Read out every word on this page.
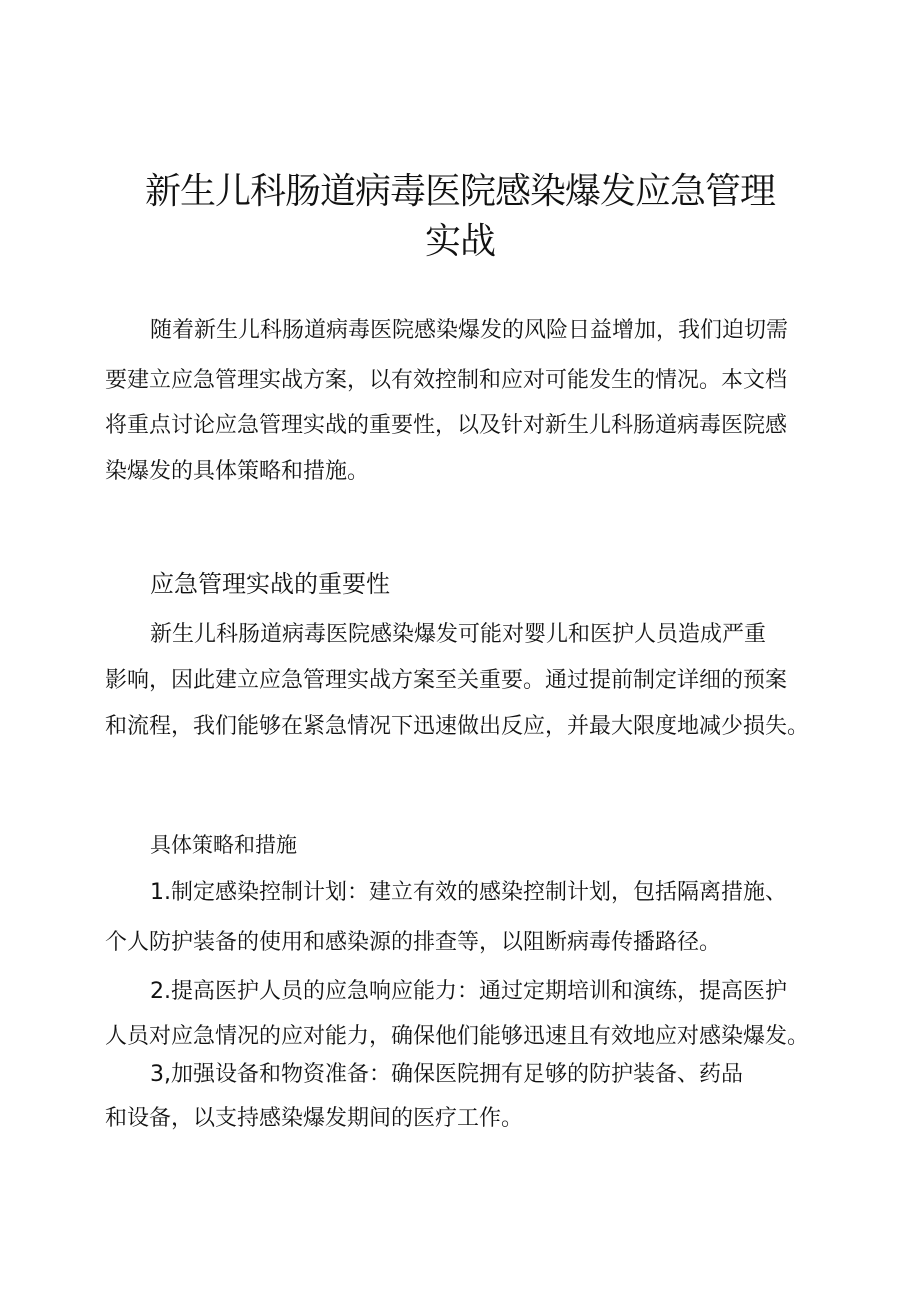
新生儿科肠道病毒医院感染爆发应急管理
实战

随着新生儿科肠道病毒医院感染爆发的风险日益增加，我们迫切需

要建立应急管理实战方案，以有效控制和应对可能发生的情况。本文档

将重点讨论应急管理实战的重要性，以及针对新生儿科肠道病毒医院感

染爆发的具体策略和措施。

应急管理实战的重要性

新生儿科肠道病毒医院感染爆发可能对婴儿和医护人员造成严重

影响，因此建立应急管理实战方案至关重要。通过提前制定详细的预案

和流程，我们能够在紧急情况下迅速做出反应，并最大限度地减少损失。

具体策略和措施

1.制定感染控制计划：建立有效的感染控制计划，包括隔离措施、

个人防护装备的使用和感染源的排查等，以阻断病毒传播路径。

2.提高医护人员的应急响应能力：通过定期培训和演练，提高医护

人员对应急情况的应对能力，确保他们能够迅速且有效地应对感染爆发。

3,加强设备和物资准备：确保医院拥有足够的防护装备、药品

和设备，以支持感染爆发期间的医疗工作。
